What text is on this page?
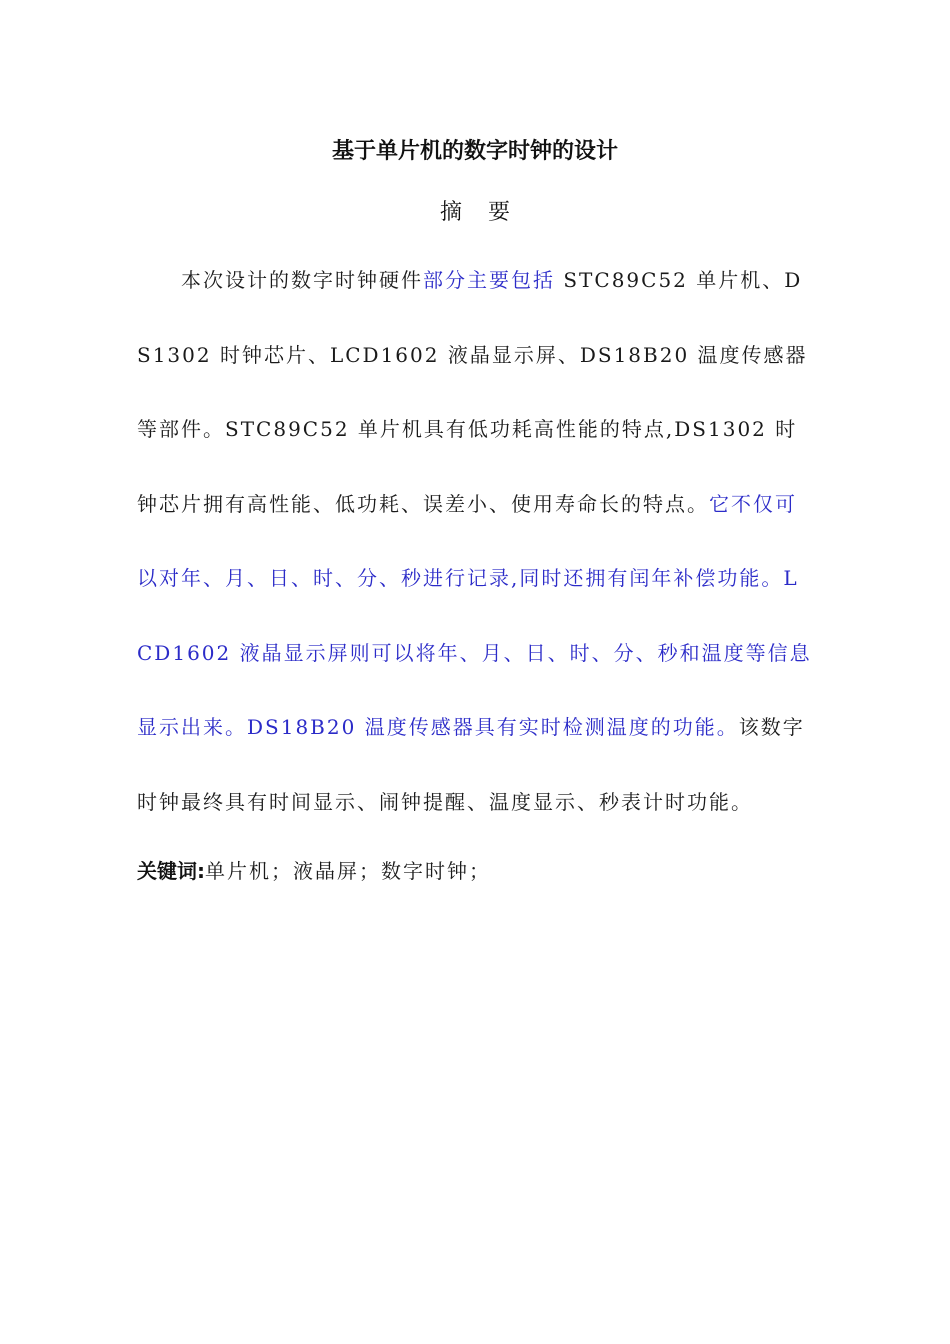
基于单片机的数字时钟的设计
摘要

本次设计的数字时钟硬件部分主要包括 STC89C52 单片机、DS1302 时钟芯片、LCD1602 液晶显示屏、DS18B20 温度传感器等部件。STC89C52 单片机具有低功耗高性能的特点,DS1302 时钟芯片拥有高性能、低功耗、误差小、使用寿命长的特点。它不仅可以对年、月、日、时、分、秒进行记录,同时还拥有闰年补偿功能。LCD1602 液晶显示屏则可以将年、月、日、时、分、秒和温度等信息显示出来。DS18B20 温度传感器具有实时检测温度的功能。该数字时钟最终具有时间显示、闹钟提醒、温度显示、秒表计时功能。

关键词:单片机；液晶屏；数字时钟；
